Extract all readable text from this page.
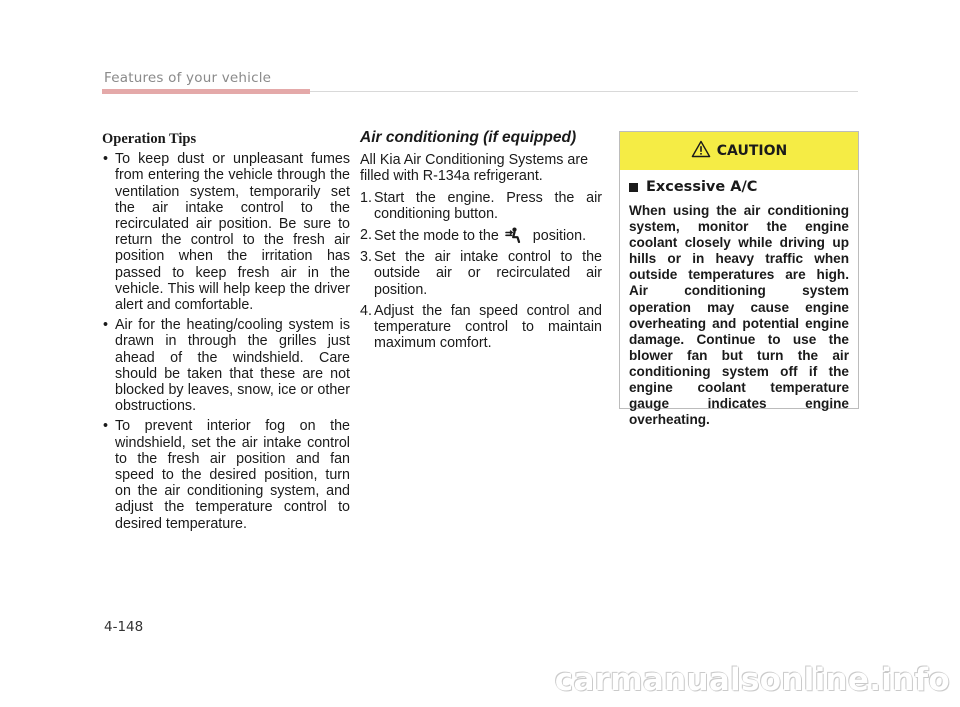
Features of your vehicle
Operation Tips
• To keep dust or unpleasant fumes from entering the vehicle through the ventilation system, temporarily set the air intake control to the recirculated air position. Be sure to return the control to the fresh air position when the irritation has passed to keep fresh air in the vehicle. This will help keep the driver alert and comfortable.
• Air for the heating/cooling system is drawn in through the grilles just ahead of the windshield. Care should be taken that these are not blocked by leaves, snow, ice or other obstructions.
• To prevent interior fog on the windshield, set the air intake control to the fresh air position and fan speed to the desired position, turn on the air conditioning system, and adjust the temperature control to desired temperature.
Air conditioning (if equipped)

All Kia Air Conditioning Systems are filled with R-134a refrigerant.

1. Start the engine. Press the air conditioning button.
2. Set the mode to the position.
3. Set the air intake control to the outside air or recirculated air position.
4. Adjust the fan speed control and temperature control to maintain maximum comfort.
CAUTION
Excessive A/C
When using the air conditioning system, monitor the engine coolant closely while driving up hills or in heavy traffic when outside temperatures are high. Air conditioning system operation may cause engine overheating and potential engine damage. Continue to use the blower fan but turn the air conditioning system off if the engine coolant temperature gauge indicates engine overheating.
4-148
carmanualsonline.info
